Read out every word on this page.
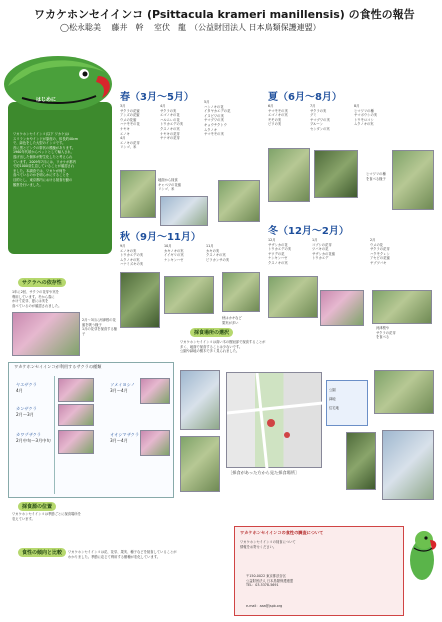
ワカケホンセイインコ (Psittacula krameri manillensis) の食性の報告
◯松永聡美　 藤井　幹　 室伏　龍　（公益財団法人 日本鳥類保護連盟）
はじめに
ワカケホンセイインコ(以下 ワカケ)は
スリランカやインドが原産の、体長約40cm
で、緑色をした大型のインコです。
首に黒とピンクの帯状の模様があります。
1960年代頃からペットとして輸入され、
逃げ出した個体が野生化したと考えられ
ています。2009年7月には、ワカケが都内
で約1000羽生息していることが確認され
ました。本調査では、ワカケが何を
食べているのかを明らかにすることを
目的とし、東京都内における採食行動の
観察を行いました。
サクラへの依存性
1年に2回、サクラの花芽や実を
利用しています。冬から春に
かけて花芽、夏には実を
食べているのが確認されました。
2月〜3月に河津桜の花蜜を吸う様子
1月の花芽を採食する様子
ワカケホンセイインコが利用するサクラの種類
ヤエザクラ
4月
カンザクラ
2月〜3月
カワヅザクラ
2月中旬〜3月中旬
ソメイヨシノ
3月〜4月
オオシマザクラ
3月〜4月
採食源の位置
ワカケホンセイインコは季節ごとに採食場所を
変えています。
食性の傾向と比較	ワカケホンセイインコは花、花芽、果実、種子などを採食していることが
わかりました。季節に応じて利用する樹種が変化しています。
春（3月〜5月）
3月
サクラの花蜜
アンズの花蜜
ウメの花蜜
ハナモモの花
ケヤキ
エノキ
4月
エノキの花芽
リンゴ、米
4月
サクラの実
エゴノキの花
ハルニレの花
トウカエデの実
クスノキの実
ケヤキの花芽
ヤナギの花芽
5月
ハンノキの花
イタヤカエデの花
イヌビワの実
ヤマグワの実
キョウチクトウ
ムクノキ
ヤマモモの実
地面から採食
キャベツの花蜜
リンゴ、米
夏（6月〜8月）
6月
ヤマモモの実
エゴノキの実
モモの実
ビワの実
7月
サクラの実
グミ
ヤマグワの実
プルーン
センダンの実
8月
ヒマワリの種
ヤマボウシの実
トウモロコシ
ムクノキの実
ヒマワリの種
を食べる様子
秋（9月〜11月）
9月
エノキの実
トウカエデの実
ムクノキの実
ハナミズキの実
10月
カキノキの実
イイギリの実
ナンキンハゼ
11月
カキの実
クスノキの実
ピラカンサの実
秋はカキなど
果実が多い
冬（12月〜2月）
12月
サザンカの花
トウカエデの実
ヤツデの花
ナンキンハゼ
クスノキの実
1月
コブシの花芽
ツバキの花
サザンカの花蜜
トウカエデ
2月
ウメの花
サクラの花芽
ハクモクレン
アセビの花蜜
ヤブツバキ
河津桜や
サクラの花芽
を食べる
採食場所の選択
ワカケホンセイインコは高い木の樹冠部で採食することが
多く、地面で採食することは少ないです。
公園や緑地の樹木で多く見られました。

公園

緑地

住宅地

［採食があった方から見た採食場所］
ワカケホンセイインコの食性の調査について
ワカケホンセイインコの採食について
情報をお寄せください。
〒150-0022 東京都渋谷区
公益財団法人 日本鳥類保護連盟
TEL：03-5378-5691
e-mail：aaa@jspb.org
